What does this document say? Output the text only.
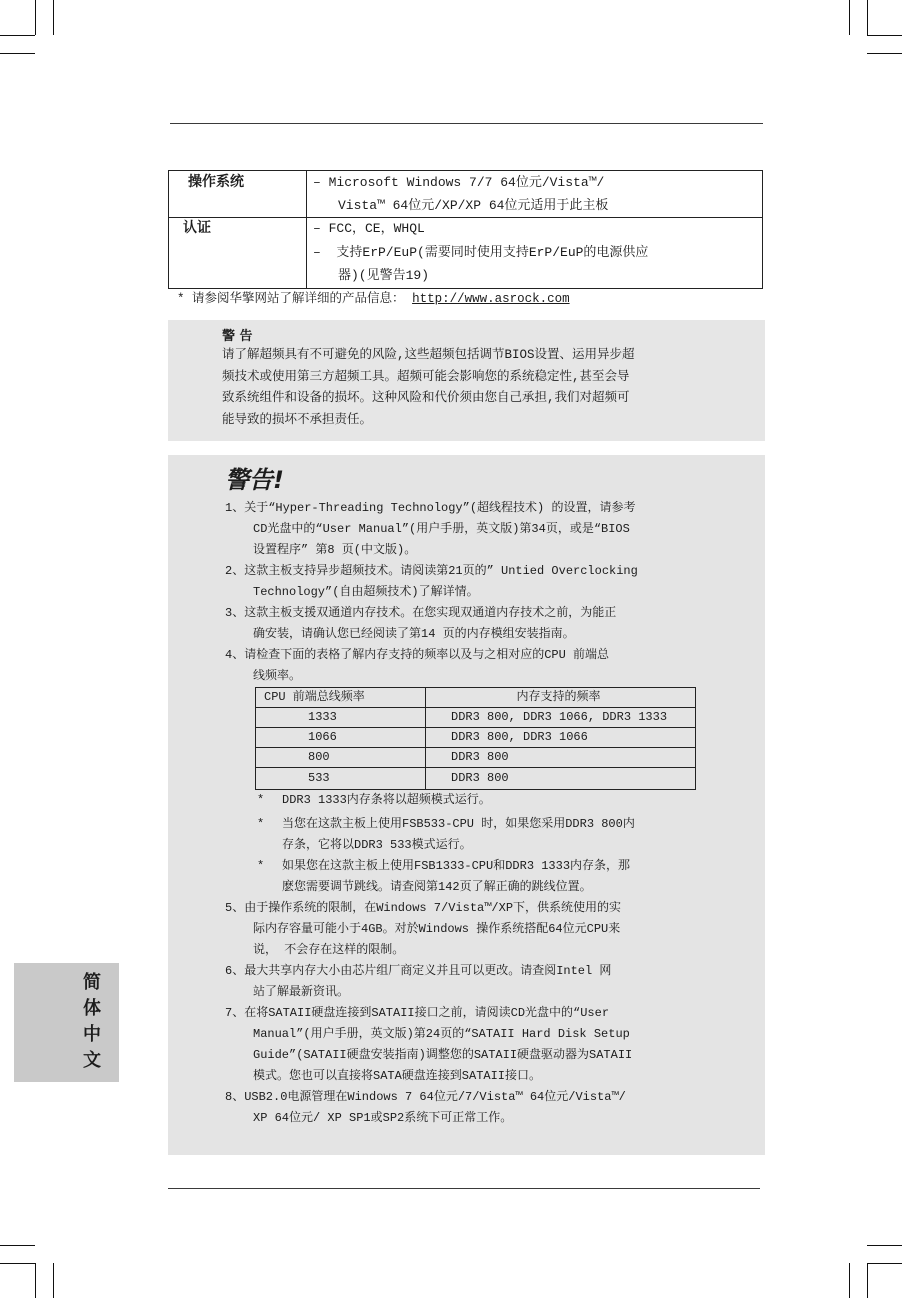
操作系统	– Microsoft Windows 7/7 64位元/Vista™/
Vista™ 64位元/XP/XP 64位元适用于此主板
认证	– FCC，CE，WHQL
–  支持ErP/EuP(需要同时使用支持ErP/EuP的电源供应
器)(见警告19)
* 请参阅华擎网站了解详细的产品信息： http://www.asrock.com
警 告
请了解超频具有不可避免的风险,这些超频包括调节BIOS设置、运用异步超
频技术或使用第三方超频工具。超频可能会影响您的系统稳定性,甚至会导
致系统组件和设备的损坏。这种风险和代价须由您自己承担,我们对超频可
能导致的损坏不承担责任。
警告!
1、关于“Hyper-Threading Technology”(超线程技术) 的设置，请参考
CD光盘中的“User Manual”(用户手册，英文版)第34页，或是“BIOS
设置程序” 第8 页(中文版)。
2、这款主板支持异步超频技术。请阅读第21页的” Untied Overclocking
Technology”(自由超频技术)了解详情。
3、这款主板支援双通道内存技术。在您实现双通道内存技术之前，为能正
确安装，请确认您已经阅读了第14 页的内存模组安装指南。
4、请检查下面的表格了解内存支持的频率以及与之相对应的CPU 前端总
线频率。
CPU 前端总线频率	内存支持的频率
1333	DDR3 800, DDR3 1066, DDR3 1333
1066	DDR3 800, DDR3 1066
800	DDR3 800
533	DDR3 800
* DDR3 1333内存条将以超频模式运行。
* 当您在这款主板上使用FSB533-CPU 时，如果您采用DDR3 800内
存条，它将以DDR3 533模式运行。
* 如果您在这款主板上使用FSB1333-CPU和DDR3 1333内存条，那
麽您需要调节跳线。请查阅第142页了解正确的跳线位置。
5、由于操作系统的限制，在Windows 7/Vista™/XP下，供系统使用的实
际内存容量可能小于4GB。对於Windows 操作系统搭配64位元CPU来
说， 不会存在这样的限制。
6、最大共享内存大小由芯片组厂商定义并且可以更改。请查阅Intel 网
站了解最新资讯。
7、在将SATAII硬盘连接到SATAII接口之前，请阅读CD光盘中的“User
Manual”(用户手册，英文版)第24页的“SATAII Hard Disk Setup
Guide”(SATAII硬盘安装指南)调整您的SATAII硬盘驱动器为SATAII
模式。您也可以直接将SATA硬盘连接到SATAII接口。
8、USB2.0电源管理在Windows 7 64位元/7/Vista™ 64位元/Vista™/
XP 64位元/ XP SP1或SP2系统下可正常工作。
简体中文
